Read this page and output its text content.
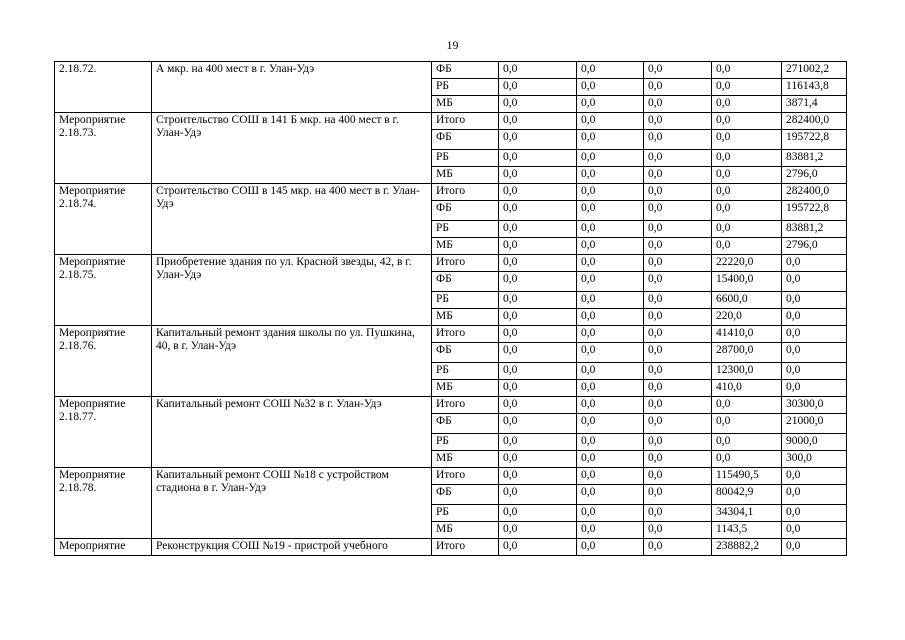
19
2.18.72.	А мкр. на 400 мест в г. Улан-Удэ	ФБ	0,0	0,0	0,0	0,0	271002,2
		РБ	0,0	0,0	0,0	0,0	116143,8
		МБ	0,0	0,0	0,0	0,0	3871,4
Мероприятие 2.18.73.	Строительство СОШ в 141 Б мкр. на 400 мест в г. Улан-Удэ	Итого	0,0	0,0	0,0	0,0	282400,0
		ФБ	0,0	0,0	0,0	0,0	195722,8
		РБ	0,0	0,0	0,0	0,0	83881,2
		МБ	0,0	0,0	0,0	0,0	2796,0
Мероприятие 2.18.74.	Строительство СОШ в 145 мкр. на 400 мест в г. Улан-Удэ	Итого	0,0	0,0	0,0	0,0	282400,0
		ФБ	0,0	0,0	0,0	0,0	195722,8
		РБ	0,0	0,0	0,0	0,0	83881,2
		МБ	0,0	0,0	0,0	0,0	2796,0
Мероприятие 2.18.75.	Приобретение здания по ул. Красной звезды, 42, в г. Улан-Удэ	Итого	0,0	0,0	0,0	22220,0	0,0
		ФБ	0,0	0,0	0,0	15400,0	0,0
		РБ	0,0	0,0	0,0	6600,0	0,0
		МБ	0,0	0,0	0,0	220,0	0,0
Мероприятие 2.18.76.	Капитальный ремонт здания школы по ул. Пушкина, 40, в г. Улан-Удэ	Итого	0,0	0,0	0,0	41410,0	0,0
		ФБ	0,0	0,0	0,0	28700,0	0,0
		РБ	0,0	0,0	0,0	12300,0	0,0
		МБ	0,0	0,0	0,0	410,0	0,0
Мероприятие 2.18.77.	Капитальный ремонт СОШ №32 в г. Улан-Удэ	Итого	0,0	0,0	0,0	0,0	30300,0
		ФБ	0,0	0,0	0,0	0,0	21000,0
		РБ	0,0	0,0	0,0	0,0	9000,0
		МБ	0,0	0,0	0,0	0,0	300,0
Мероприятие 2.18.78.	Капитальный ремонт СОШ №18 с устройством стадиона в г. Улан-Удэ	Итого	0,0	0,0	0,0	115490,5	0,0
		ФБ	0,0	0,0	0,0	80042,9	0,0
		РБ	0,0	0,0	0,0	34304,1	0,0
		МБ	0,0	0,0	0,0	1143,5	0,0
Мероприятие	Реконструкция СОШ №19 - пристрой учебного	Итого	0,0	0,0	0,0	238882,2	0,0
